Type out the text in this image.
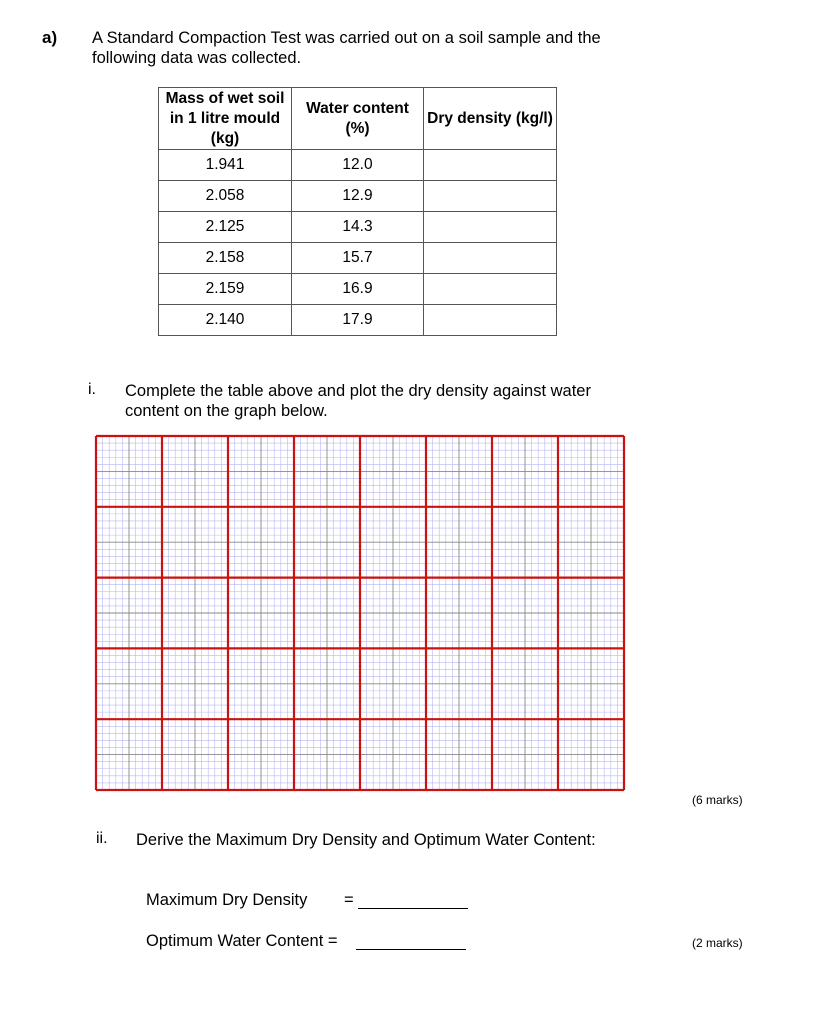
a) A Standard Compaction Test was carried out on a soil sample and the following data was collected.
Mass of wet soil in 1 litre mould (kg)	Water content (%)	Dry density (kg/l)
1.941	12.0	
2.058	12.9	
2.125	14.3	
2.158	15.7	
2.159	16.9	
2.140	17.9	
i. Complete the table above and plot the dry density against water content on the graph below.
(6 marks)
ii. Derive the Maximum Dry Density and Optimum Water Content:
Maximum Dry Density =
Optimum Water Content =	(2 marks)
